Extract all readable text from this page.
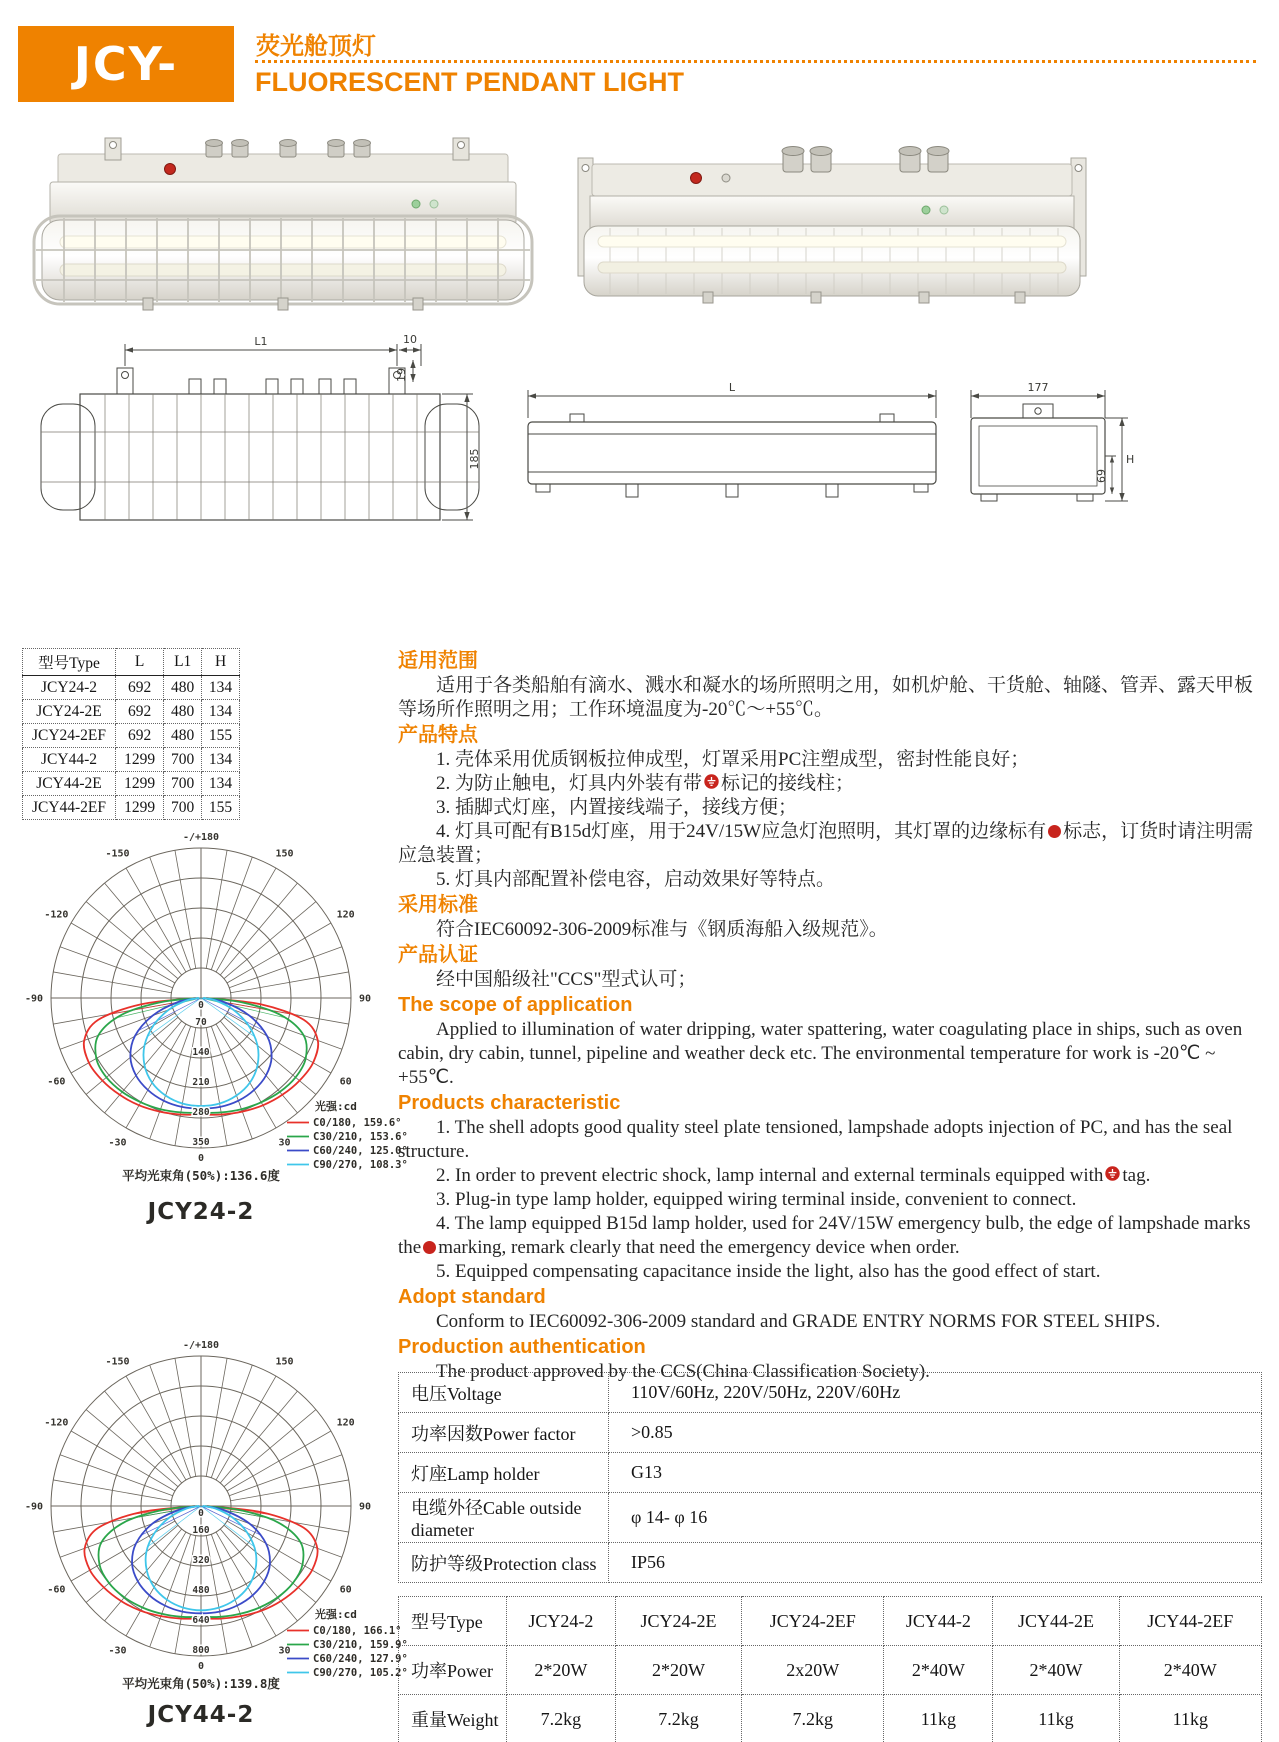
JCY-	荧光舱顶灯
FLUORESCENT PENDANT LIGHT
L1	10
19
185
L	177
H
69
型号Type	L	L1	H
JCY24-2	692	480	134
JCY24-2E	692	480	134
JCY24-2EF	692	480	155
JCY44-2	1299	700	134
JCY44-2E	1299	700	134
JCY44-2EF	1299	700	155
适用范围

适用于各类船舶有滴水、溅水和凝水的场所照明之用，如机炉舱、干货舱、轴隧、管弄、露天甲板等场所作照明之用；工作环境温度为-20℃～+55℃。

产品特点

1. 壳体采用优质钢板拉伸成型，灯罩采用PC注塑成型，密封性能良好；

2. 为防止触电，灯具内外装有带 标记的接线柱；

3. 插脚式灯座，内置接线端子，接线方便；

4. 灯具可配有B15d灯座，用于24V/15W应急灯泡照明，其灯罩的边缘标有 标志，订货时请注明需应急装置；

5. 灯具内部配置补偿电容，启动效果好等特点。

采用标准

符合IEC60092-306-2009标准与《钢质海船入级规范》。

产品认证

经中国船级社"CCS"型式认可；

The scope of application

Applied to illumination of water dripping, water spattering, water coagulating place in ships, such as oven cabin, dry cabin, tunnel, pipeline and weather deck etc. The environmental temperature for work is -20℃ ~ +55℃.

Products characteristic

1. The shell adopts good quality steel plate tensioned, lampshade adopts injection of PC, and has the seal structure.

2. In order to prevent electric shock, lamp internal and external terminals equipped with tag.

3. Plug-in type lamp holder, equipped wiring terminal inside, convenient to connect.

4. The lamp equipped B15d lamp holder, used for 24V/15W emergency bulb, the edge of lampshade marks the marking, remark clearly that need the emergency device when order.

5. Equipped compensating capacitance inside the light, also has the good effect of start.

Adopt standard

Conform to IEC60092-306-2009 standard and GRADE ENTRY NORMS FOR STEEL SHIPS.

Production authentication

The product approved by the CCS(China Classification Society).

0
70
140
210
280
350
-/+180
-150	150
-120	120
-90	90
-60	60
-30	30
0
光强:cd
C0/180, 159.6°
C30/210, 153.6°
C60/240, 125.0°
C90/270, 108.3°
平均光束角(50%):136.6度
JCY24-2
0
160
320
480
640
800
-/+180
-150	150
-120	120
-90	90
-60	60
-30	30
0
光强:cd
C0/180, 166.1°
C30/210, 159.9°
C60/240, 127.9°
C90/270, 105.2°
平均光束角(50%):139.8度
JCY44-2
电压Voltage	110V/60Hz, 220V/50Hz, 220V/60Hz
功率因数Power factor	>0.85
灯座Lamp holder	G13
电缆外径Cable outside diameter	φ 14- φ 16
防护等级Protection class	IP56
型号Type	JCY24-2	JCY24-2E	JCY24-2EF	JCY44-2	JCY44-2E	JCY44-2EF
功率Power	2*20W	2*20W	2x20W	2*40W	2*40W	2*40W
重量Weight	7.2kg	7.2kg	7.2kg	11kg	11kg	11kg
